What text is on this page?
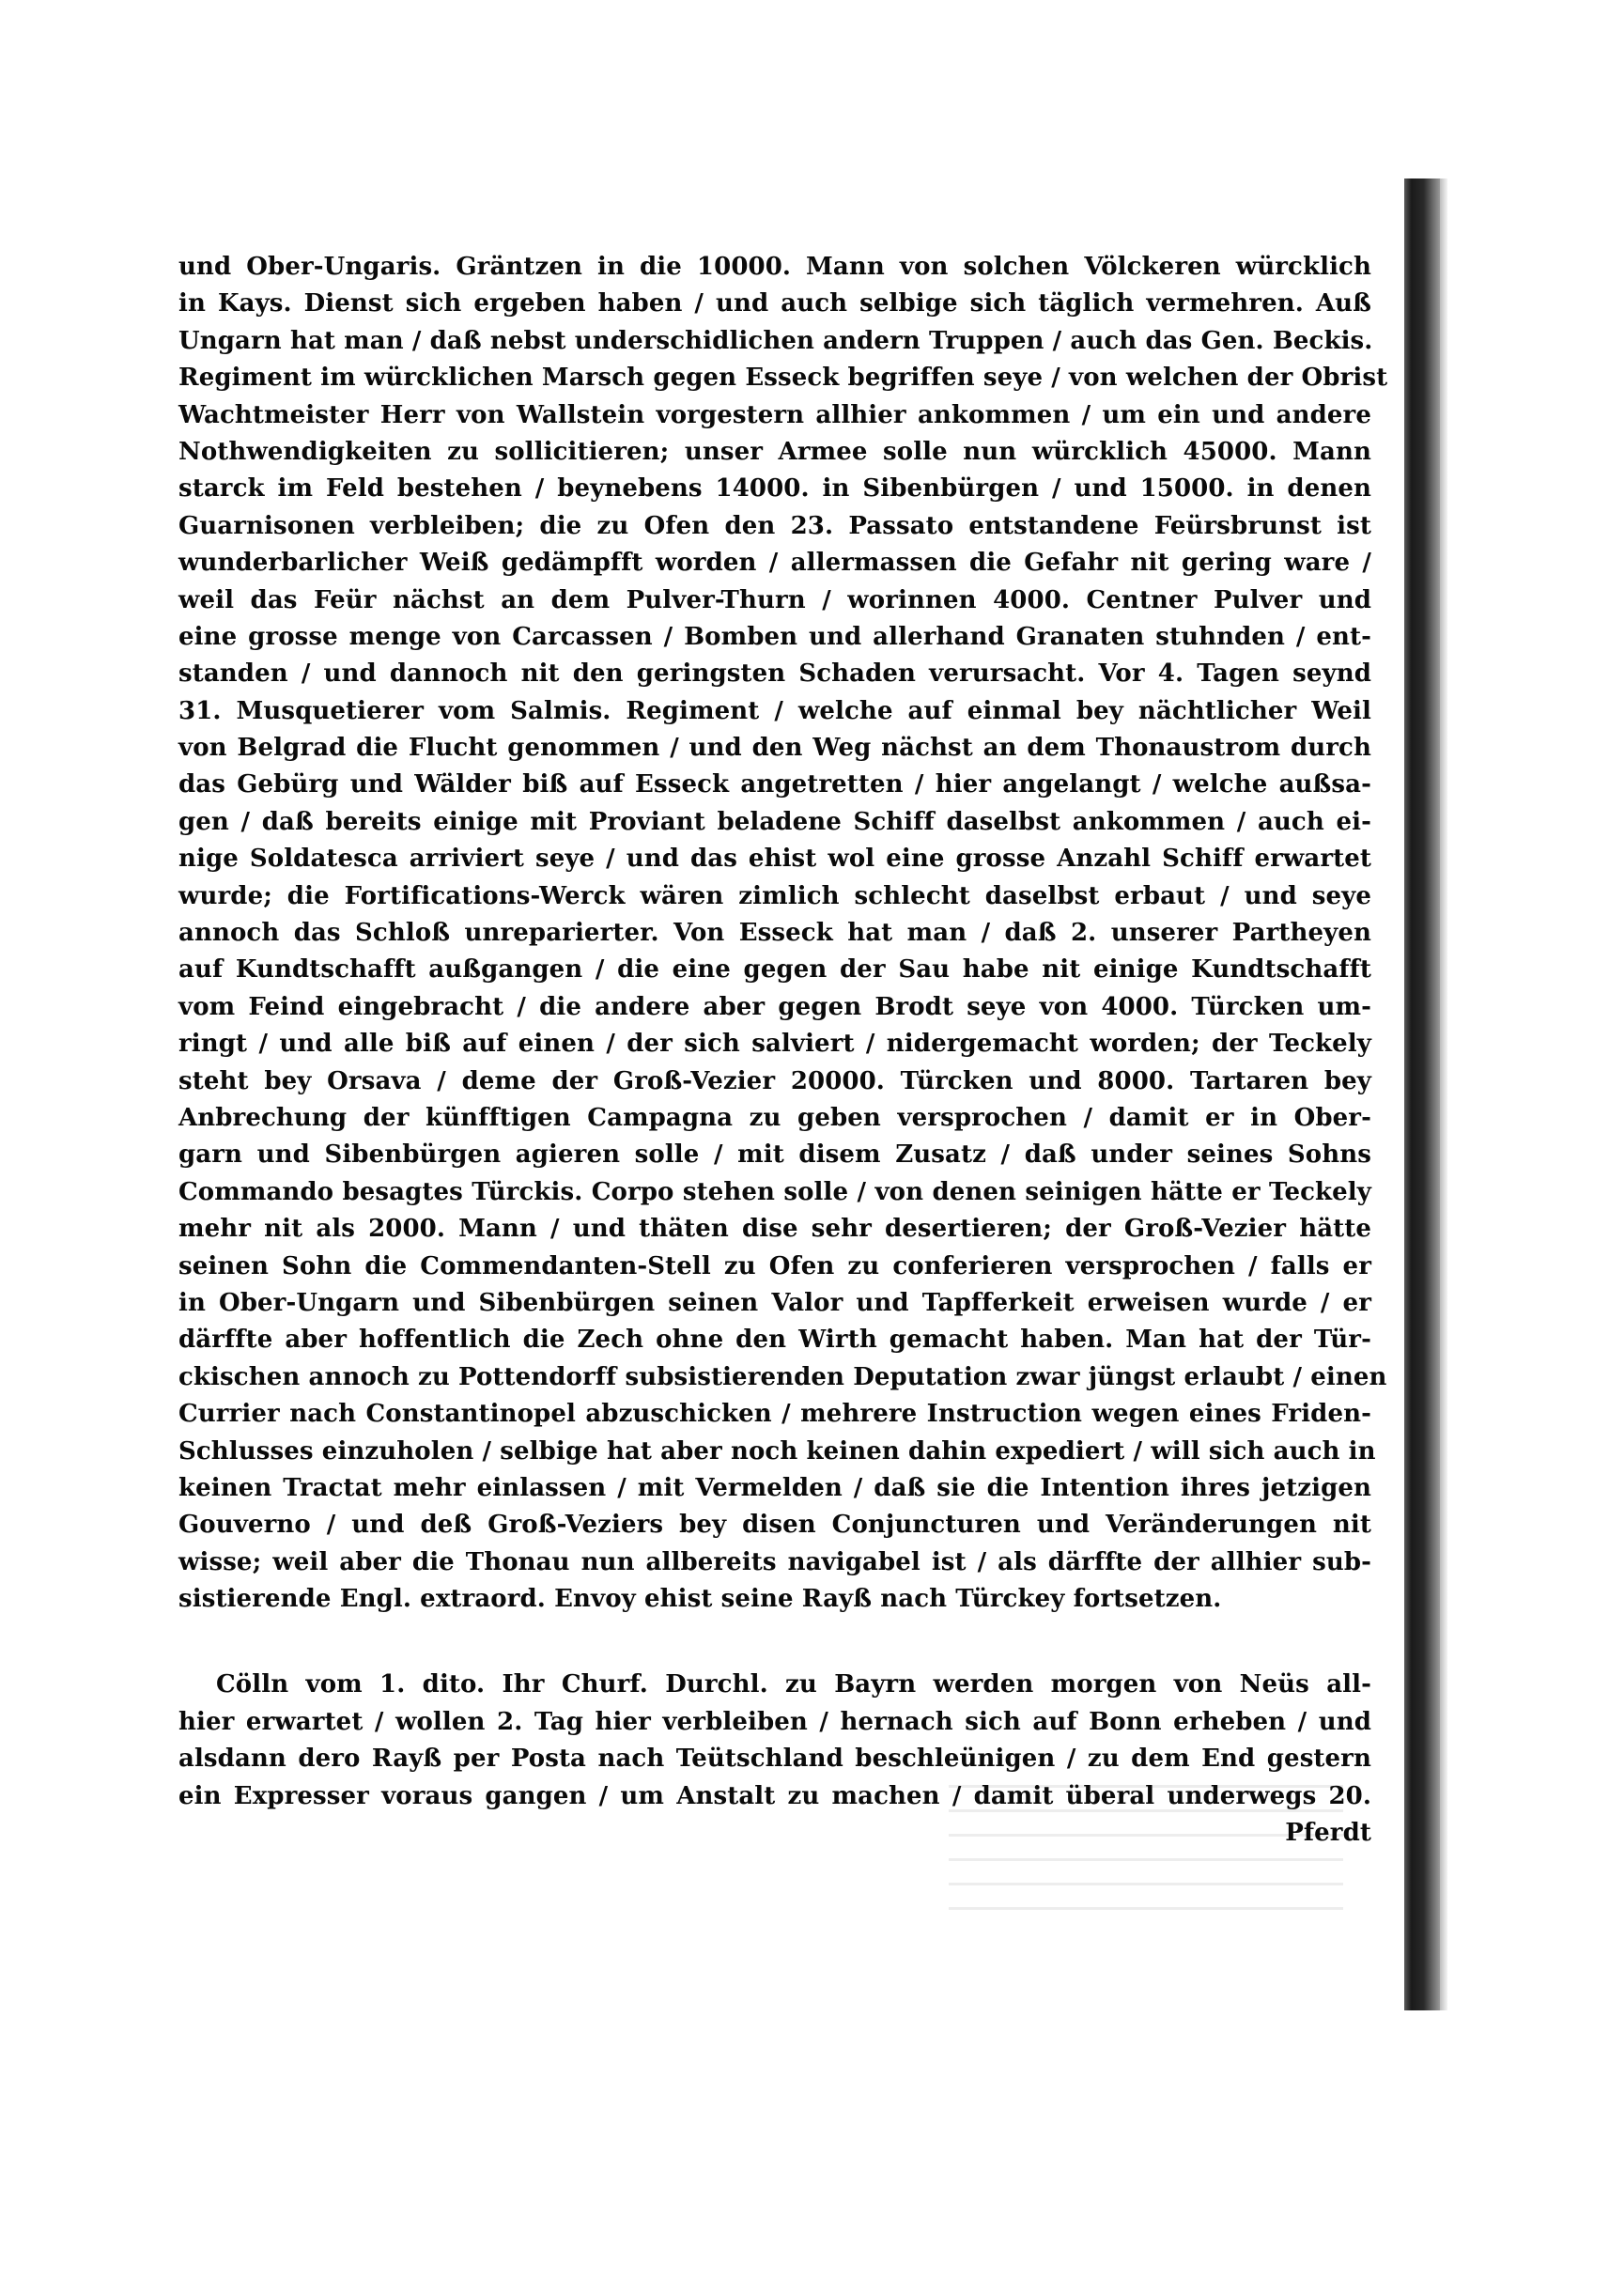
und Ober-Ungaris. Gräntzen in die 10000. Mann von solchen Völckeren würcklich
in Kays. Dienst sich ergeben haben / und auch selbige sich täglich vermehren. Auß
Ungarn hat man / daß nebst underschidlichen andern Truppen / auch das Gen. Beckis.
Regiment im würcklichen Marsch gegen Esseck begriffen seye / von welchen der Obrist
Wachtmeister Herr von Wallstein vorgestern allhier ankommen / um ein und andere
Nothwendigkeiten zu sollicitieren; unser Armee solle nun würcklich 45000. Mann
starck im Feld bestehen / beynebens 14000. in Sibenbürgen / und 15000. in denen
Guarnisonen verbleiben; die zu Ofen den 23. Passato entstandene Feürsbrunst ist
wunderbarlicher Weiß gedämpfft worden / allermassen die Gefahr nit gering ware /
weil das Feür nächst an dem Pulver-Thurn / worinnen 4000. Centner Pulver und
eine grosse menge von Carcassen / Bomben und allerhand Granaten stuhnden / ent-
standen / und dannoch nit den geringsten Schaden verursacht. Vor 4. Tagen seynd
31. Musquetierer vom Salmis. Regiment / welche auf einmal bey nächtlicher Weil
von Belgrad die Flucht genommen / und den Weg nächst an dem Thonaustrom durch
das Gebürg und Wälder biß auf Esseck angetretten / hier angelangt / welche außsa-
gen / daß bereits einige mit Proviant beladene Schiff daselbst ankommen / auch ei-
nige Soldatesca arriviert seye / und das ehist wol eine grosse Anzahl Schiff erwartet
wurde; die Fortifications-Werck wären zimlich schlecht daselbst erbaut / und seye
annoch das Schloß unreparierter. Von Esseck hat man / daß 2. unserer Partheyen
auf Kundtschafft außgangen / die eine gegen der Sau habe nit einige Kundtschafft
vom Feind eingebracht / die andere aber gegen Brodt seye von 4000. Türcken um-
ringt / und alle biß auf einen / der sich salviert / nidergemacht worden; der Teckely
steht bey Orsava / deme der Groß-Vezier 20000. Türcken und 8000. Tartaren bey
Anbrechung der künfftigen Campagna zu geben versprochen / damit er in Ober-
garn und Sibenbürgen agieren solle / mit disem Zusatz / daß under seines Sohns
Commando besagtes Türckis. Corpo stehen solle / von denen seinigen hätte er Teckely
mehr nit als 2000. Mann / und thäten dise sehr desertieren; der Groß-Vezier hätte
seinen Sohn die Commendanten-Stell zu Ofen zu conferieren versprochen / falls er
in Ober-Ungarn und Sibenbürgen seinen Valor und Tapfferkeit erweisen wurde / er
därffte aber hoffentlich die Zech ohne den Wirth gemacht haben. Man hat der Tür-
ckischen annoch zu Pottendorff subsistierenden Deputation zwar jüngst erlaubt / einen
Currier nach Constantinopel abzuschicken / mehrere Instruction wegen eines Friden-
Schlusses einzuholen / selbige hat aber noch keinen dahin expediert / will sich auch in
keinen Tractat mehr einlassen / mit Vermelden / daß sie die Intention ihres jetzigen
Gouverno / und deß Groß-Veziers bey disen Conjuncturen und Veränderungen nit
wisse; weil aber die Thonau nun allbereits navigabel ist / als därffte der allhier sub-
sistierende Engl. extraord. Envoy ehist seine Rayß nach Türckey fortsetzen.
Cölln vom 1. dito. Ihr Churf. Durchl. zu Bayrn werden morgen von Neüs all-
hier erwartet / wollen 2. Tag hier verbleiben / hernach sich auf Bonn erheben / und
alsdann dero Rayß per Posta nach Teütschland beschleünigen / zu dem End gestern
ein Expresser voraus gangen / um Anstalt zu machen / damit überal underwegs 20.
Pferdt
